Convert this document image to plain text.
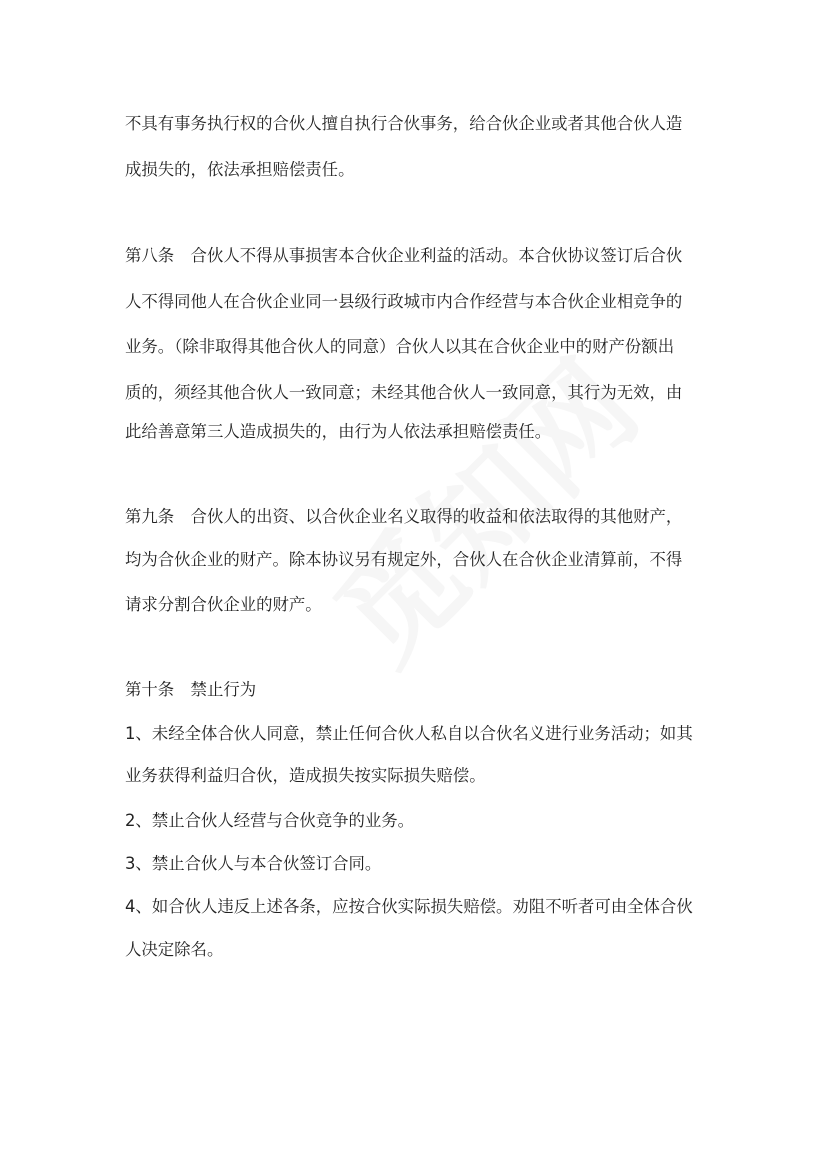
不具有事务执行权的合伙人擅自执行合伙事务，给合伙企业或者其他合伙人造
成损失的，依法承担赔偿责任。
第八条　合伙人不得从事损害本合伙企业利益的活动。本合伙协议签订后合伙
人不得同他人在合伙企业同一县级行政城市内合作经营与本合伙企业相竞争的
业务。（除非取得其他合伙人的同意）合伙人以其在合伙企业中的财产份额出
质的，须经其他合伙人一致同意；未经其他合伙人一致同意，其行为无效，由
此给善意第三人造成损失的，由行为人依法承担赔偿责任。
第九条　合伙人的出资、以合伙企业名义取得的收益和依法取得的其他财产，
均为合伙企业的财产。除本协议另有规定外，合伙人在合伙企业清算前，不得
请求分割合伙企业的财产。
第十条　禁止行为
1、未经全体合伙人同意，禁止任何合伙人私自以合伙名义进行业务活动；如其
业务获得利益归合伙，造成损失按实际损失赔偿。
2、禁止合伙人经营与合伙竞争的业务。
3、禁止合伙人与本合伙签订合同。
4、如合伙人违反上述各条，应按合伙实际损失赔偿。劝阻不听者可由全体合伙
人决定除名。
